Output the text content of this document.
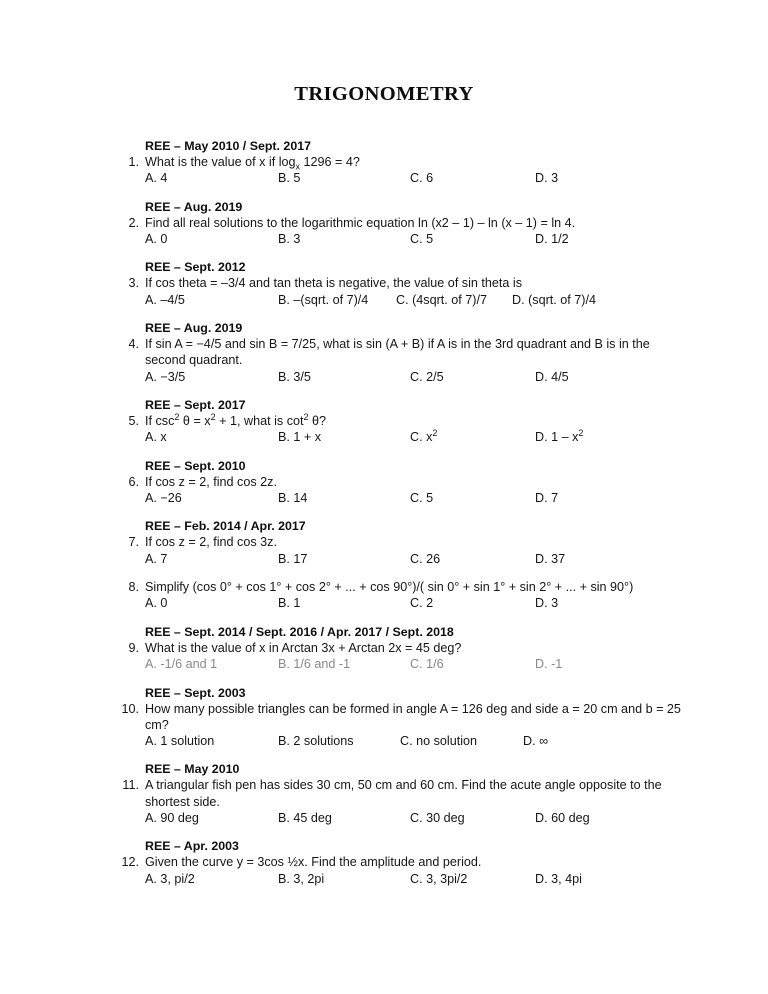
TRIGONOMETRY
REE – May 2010 / Sept. 2017
1. What is the value of x if $\log_x 1296 = 4$?
A. 4	B. 5	C. 6	D. 3
REE – Aug. 2019
2. Find all real solutions to the logarithmic equation ln (x2 – 1) – ln (x – 1) = ln 4.
A. 0	B. 3	C. 5	D. 1/2
REE – Sept. 2012
3. If cos theta = –3/4 and tan theta is negative, the value of sin theta is
A. –4/5	B. –(sqrt. of 7)/4 C. (4sqrt. of 7)/7 D. (sqrt. of 7)/4
REE – Aug. 2019
4. If sin A = −4/5 and sin B = 7/25, what is sin (A + B) if A is in the 3rd quadrant and B is in the second quadrant.
A. −3/5	B. 3/5	C. 2/5	D. 4/5
REE – Sept. 2017
5. If $\csc^2 \theta = x^2 + 1$, what is $\cot^2 \theta$?
A. x	B. 1 + x	C. $x^2$	D. $1 - x^2$
REE – Sept. 2010
6. If cos z = 2, find cos 2z.
A. −26	B. 14	C. 5	D. 7
REE – Feb. 2014 / Apr. 2017
7. If cos z = 2, find cos 3z.
A. 7	B. 17	C. 26	D. 37
8. Simplify (cos 0° + cos 1° + cos 2° + ... + cos 90°)/( sin 0° + sin 1° + sin 2° + ... + sin 90°)
A. 0	B. 1	C. 2	D. 3
REE – Sept. 2014 / Sept. 2016 / Apr. 2017 / Sept. 2018
9. What is the value of x in Arctan 3x + Arctan 2x = 45 deg?
A. -1/6 and 1	B. 1/6 and -1	C. 1/6	D. -1
REE – Sept. 2003
10. How many possible triangles can be formed in angle A = 126 deg and side a = 20 cm and b = 25 cm?
A. 1 solution	B. 2 solutions	C. no solution	D. ∞
REE – May 2010
11. A triangular fish pen has sides 30 cm, 50 cm and 60 cm. Find the acute angle opposite to the shortest side.
A. 90 deg	B. 45 deg	C. 30 deg	D. 60 deg
REE – Apr. 2003
12. Given the curve y = 3cos ½x. Find the amplitude and period.
A. 3, pi/2	B. 3, 2pi	C. 3, 3pi/2	D. 3, 4pi
